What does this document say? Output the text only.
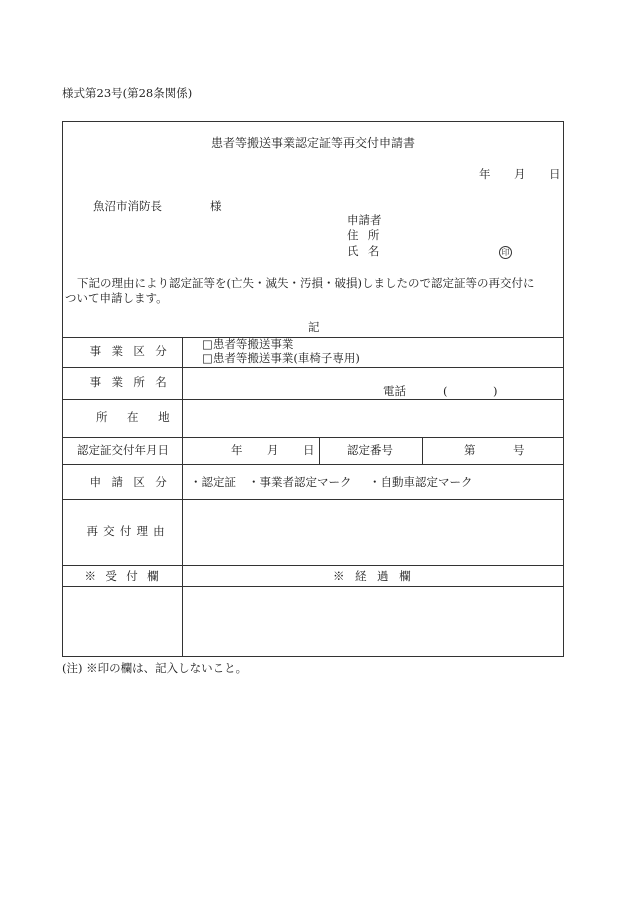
様式第23号(第28条関係)
患者等搬送事業認定証等再交付申請書
年 月 日
魚沼市消防長	様
申請者
住 所
氏 名	印
下記の理由により認定証等を(亡失・滅失・汚損・破損)しましたので認定証等の再交付に
ついて申請します。
記
事業区分	□患者等搬送事業
□患者等搬送事業(車椅子専用)
事業所名
電話	(	)
所在地
認定証交付年月日	年 月 日	認定番号	第	号
申請区分	・認定証 ・事業者認定マーク ・自動車認定マーク
再交付理由
※ 受 付 欄	※ 経 過 欄
(注) ※印の欄は、記入しないこと。
